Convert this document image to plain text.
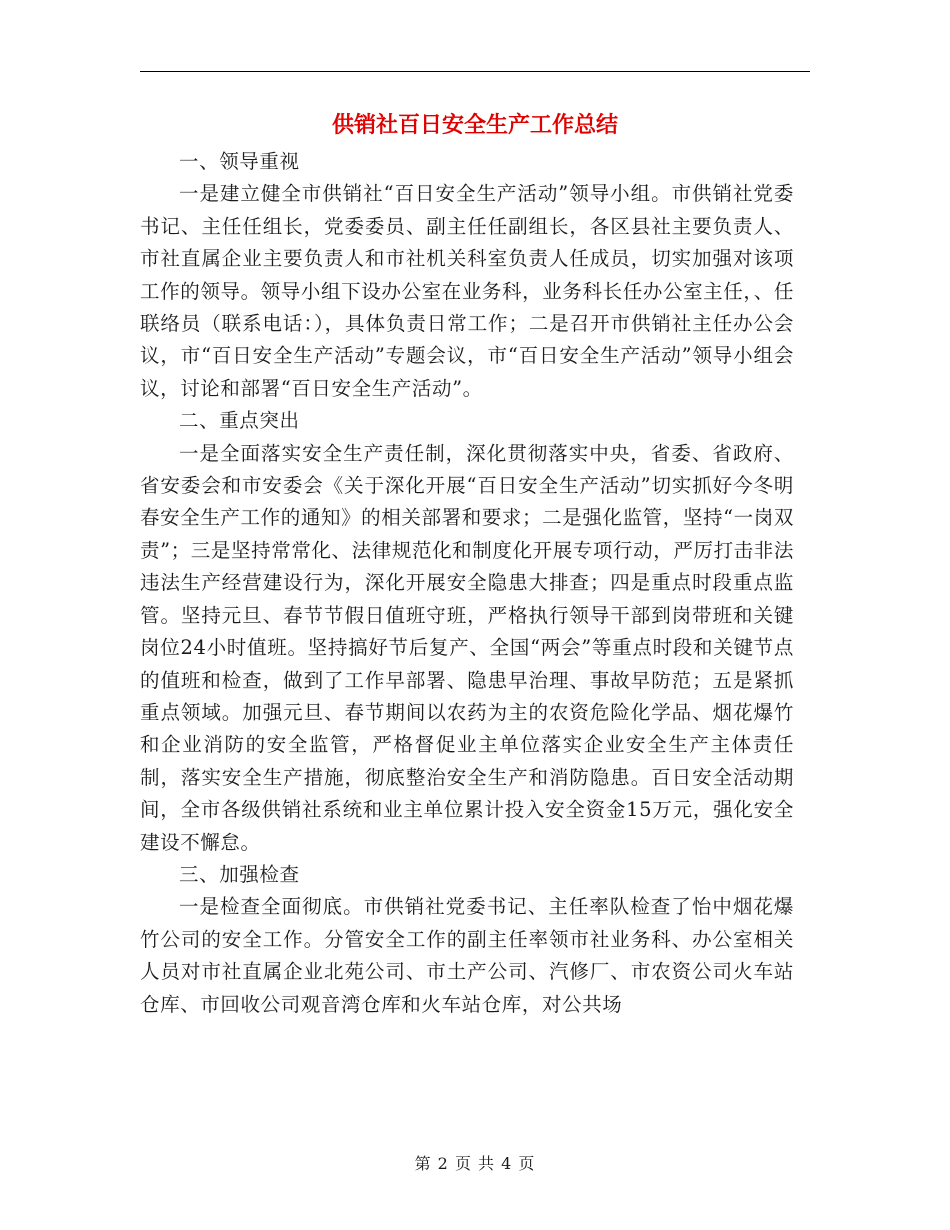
供销社百日安全生产工作总结

一、领导重视

一是建立健全市供销社“百日安全生产活动”领导小组。市供销社党委书记、主任任组长，党委委员、副主任任副组长，各区县社主要负责人、市社直属企业主要负责人和市社机关科室负责人任成员，切实加强对该项工作的领导。领导小组下设办公室在业务科，业务科长任办公室主任，、任联络员（联系电话：），具体负责日常工作；二是召开市供销社主任办公会议，市“百日安全生产活动”专题会议，市“百日安全生产活动”领导小组会议，讨论和部署“百日安全生产活动”。

二、重点突出

一是全面落实安全生产责任制，深化贯彻落实中央，省委、省政府、省安委会和市安委会《关于深化开展“百日安全生产活动”切实抓好今冬明春安全生产工作的通知》的相关部署和要求；二是强化监管，坚持“一岗双责”；三是坚持常常化、法律规范化和制度化开展专项行动，严厉打击非法违法生产经营建设行为，深化开展安全隐患大排查；四是重点时段重点监管。坚持元旦、春节节假日值班守班，严格执行领导干部到岗带班和关键岗位24小时值班。坚持搞好节后复产、全国“两会”等重点时段和关键节点的值班和检查，做到了工作早部署、隐患早治理、事故早防范；五是紧抓重点领域。加强元旦、春节期间以农药为主的农资危险化学品、烟花爆竹和企业消防的安全监管，严格督促业主单位落实企业安全生产主体责任制，落实安全生产措施，彻底整治安全生产和消防隐患。百日安全活动期间，全市各级供销社系统和业主单位累计投入安全资金15万元，强化安全建设不懈怠。

三、加强检查

一是检查全面彻底。市供销社党委书记、主任率队检查了怡中烟花爆竹公司的安全工作。分管安全工作的副主任率领市社业务科、办公室相关人员对市社直属企业北苑公司、市土产公司、汽修厂、市农资公司火车站仓库、市回收公司观音湾仓库和火车站仓库，对公共场

第 2 页 共 4 页
